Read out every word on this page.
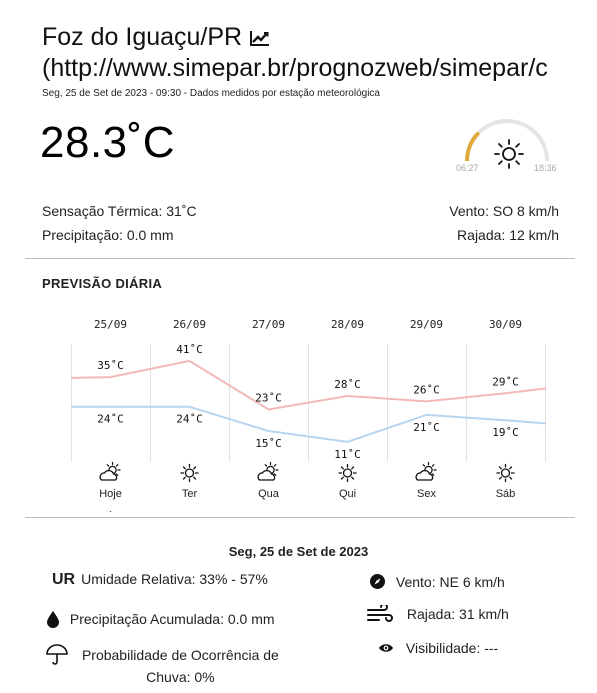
Foz do Iguaçu/PR
(http://www.simepar.br/prognozweb/simepar/c
Seg, 25 de Set de 2023 - 09:30 - Dados medidos por estação meteorológica
28.3˚C
06:27	18:36
Sensação Térmica: 31˚C
Precipitação: 0.0 mm
Vento: SO 8 km/h
Rajada: 12 km/h
PREVISÃO DIÁRIA
25/09	26/09	27/09	28/09	29/09	30/09
35˚C
41˚C
23˚C
28˚C	26˚C
29˚C
24˚C	24˚C
15˚C
11˚C
21˚C	19˚C
Hoje	Ter	Qua	Qui	Sex	Sáb
Seg, 25 de Set de 2023
UR Umidade Relativa: 33% - 57%
Precipitação Acumulada: 0.0 mm
Probabilidade de Ocorrência de
Chuva: 0%
Vento: NE 6 km/h
Rajada: 31 km/h
Visibilidade: ---
